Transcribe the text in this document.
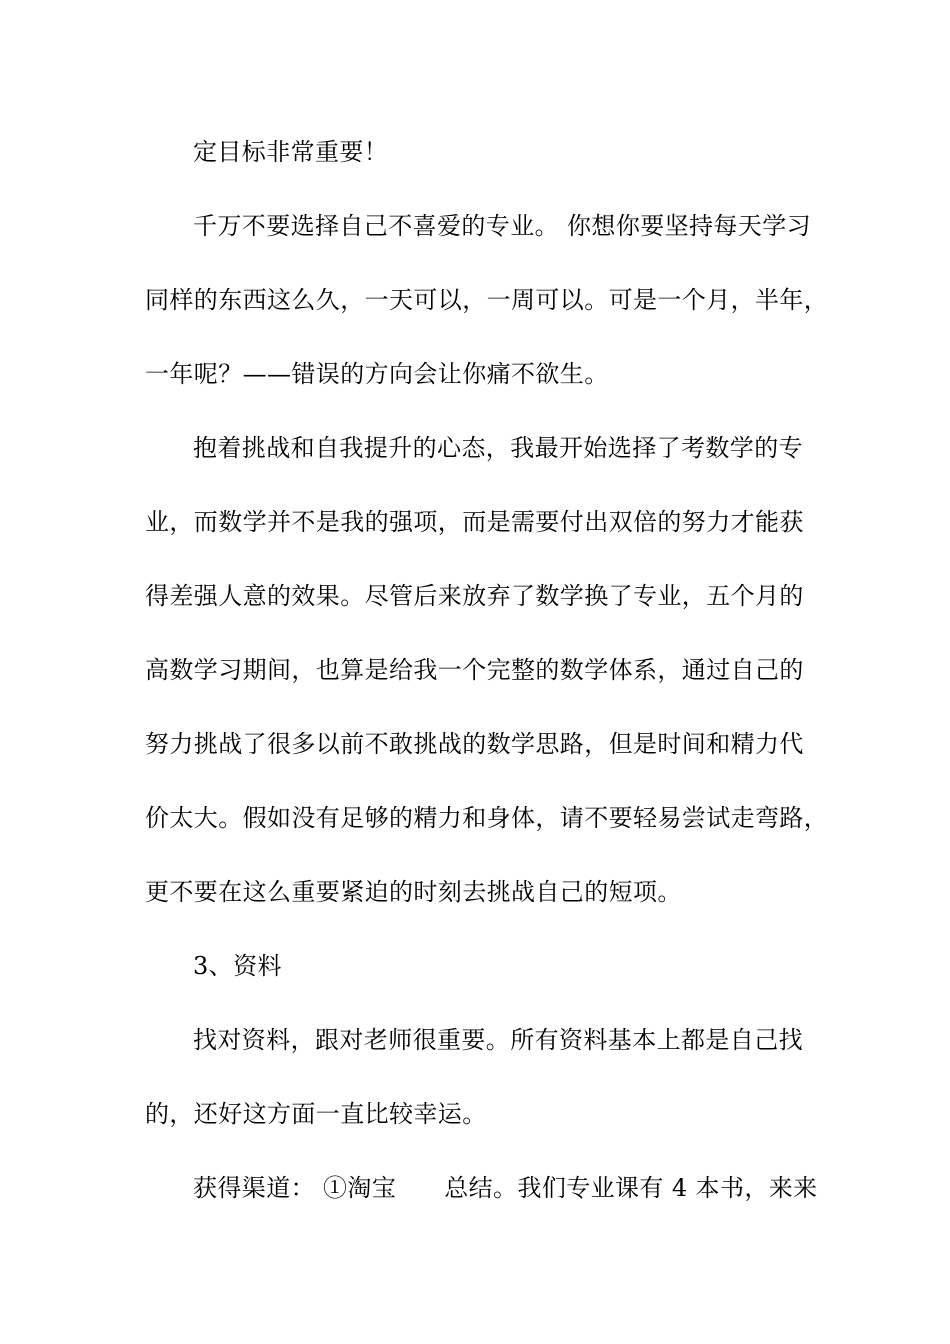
定目标非常重要！
千万不要选择自己不喜爱的专业。 你想你要坚持每天学习
同样的东西这么久，一天可以，一周可以。可是一个月，半年，
一年呢？——错误的方向会让你痛不欲生。
抱着挑战和自我提升的心态，我最开始选择了考数学的专
业，而数学并不是我的强项，而是需要付出双倍的努力才能获
得差强人意的效果。尽管后来放弃了数学换了专业，五个月的
高数学习期间，也算是给我一个完整的数学体系，通过自己的
努力挑战了很多以前不敢挑战的数学思路，但是时间和精力代
价太大。假如没有足够的精力和身体，请不要轻易尝试走弯路，
更不要在这么重要紧迫的时刻去挑战自己的短项。
3、资料
找对资料，跟对老师很重要。所有资料基本上都是自己找
的，还好这方面一直比较幸运。
获得渠道： ①淘宝 总结。我们专业课有 4 本书，来来
